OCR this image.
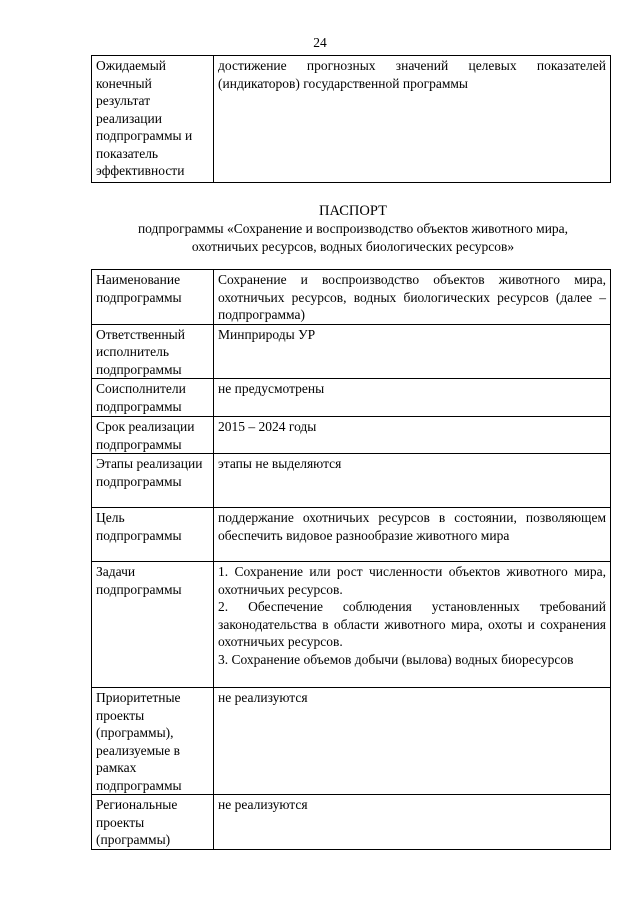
24
Ожидаемый конечный результат реализации подпрограммы и показатель эффективности	достижение прогнозных значений целевых показателей (индикаторов) государственной программы
ПАСПОРТ
подпрограммы «Сохранение и воспроизводство объектов животного мира,
охотничьих ресурсов, водных биологических ресурсов»
Наименование подпрограммы	Сохранение и воспроизводство объектов животного мира, охотничьих ресурсов, водных биологических ресурсов (далее – подпрограмма)
Ответственный исполнитель подпрограммы	Минприроды УР
Соисполнители подпрограммы	не предусмотрены
Срок реализации подпрограммы	2015 – 2024 годы
Этапы реализации подпрограммы	этапы не выделяются
Цель подпрограммы	поддержание охотничьих ресурсов в состоянии, позволяющем обеспечить видовое разнообразие животного мира
Задачи подпрограммы	1. Сохранение или рост численности объектов животного мира, охотничьих ресурсов.
2. Обеспечение соблюдения установленных требований законодательства в области животного мира, охоты и сохранения охотничьих ресурсов.
3. Сохранение объемов добычи (вылова) водных биоресурсов

Приоритетные проекты (программы), реализуемые в рамках подпрограммы	не реализуются
Региональные проекты (программы)	не реализуются
